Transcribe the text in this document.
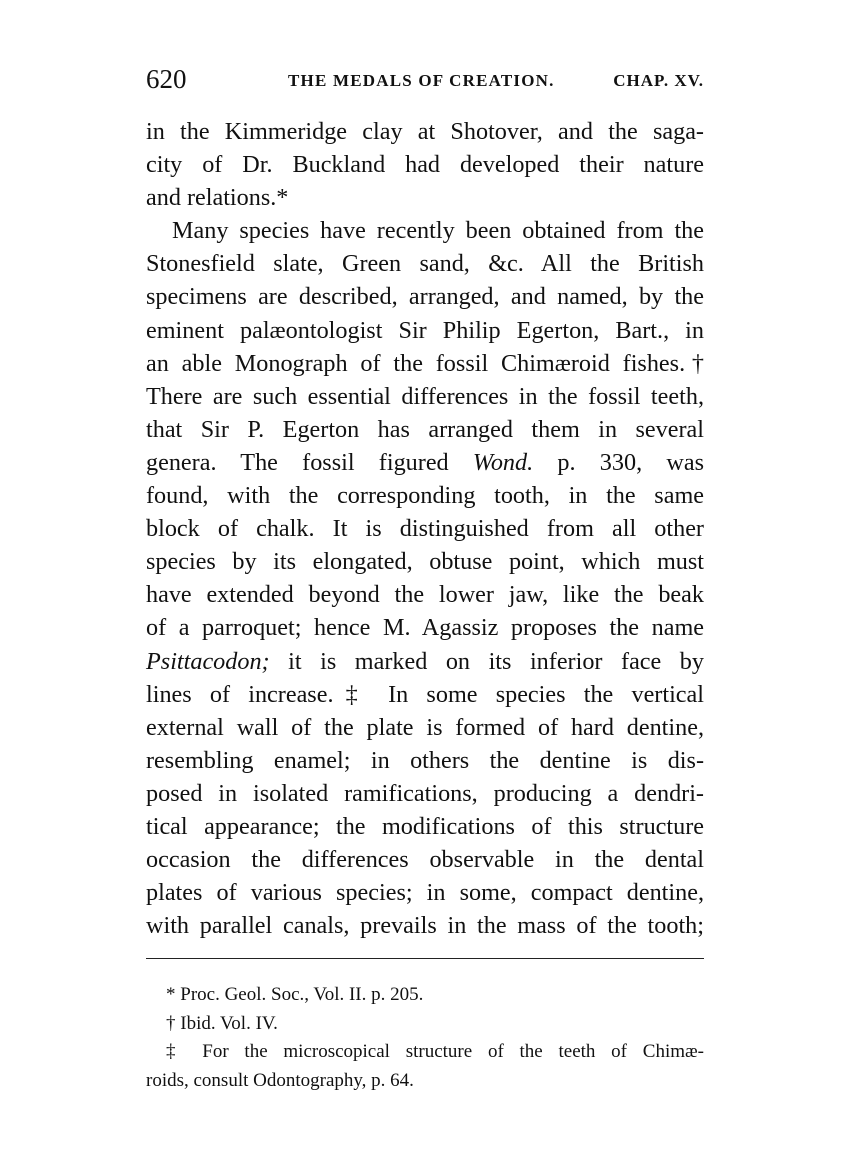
620	THE MEDALS OF CREATION.	CHAP. XV.
in the Kimmeridge clay at Shotover, and the saga-
city of Dr. Buckland had developed their nature
and relations.*
Many species have recently been obtained from the
Stonesfield slate, Green sand, &c. All the British
specimens are described, arranged, and named, by the
eminent palæontologist Sir Philip Egerton, Bart., in
an able Monograph of the fossil Chimæroid fishes.†
There are such essential differences in the fossil teeth,
that Sir P. Egerton has arranged them in several
genera. The fossil figured Wond. p. 330, was
found, with the corresponding tooth, in the same
block of chalk. It is distinguished from all other
species by its elongated, obtuse point, which must
have extended beyond the lower jaw, like the beak
of a parroquet; hence M. Agassiz proposes the name
Psittacodon; it is marked on its inferior face by
lines of increase.‡ In some species the vertical
external wall of the plate is formed of hard dentine,
resembling enamel; in others the dentine is dis-
posed in isolated ramifications, producing a dendri-
tical appearance; the modifications of this structure
occasion the differences observable in the dental
plates of various species; in some, compact dentine,
with parallel canals, prevails in the mass of the tooth;
* Proc. Geol. Soc., Vol. II. p. 205.
† Ibid. Vol. IV.
‡ For the microscopical structure of the teeth of Chimæ-
roids, consult Odontography, p. 64.
